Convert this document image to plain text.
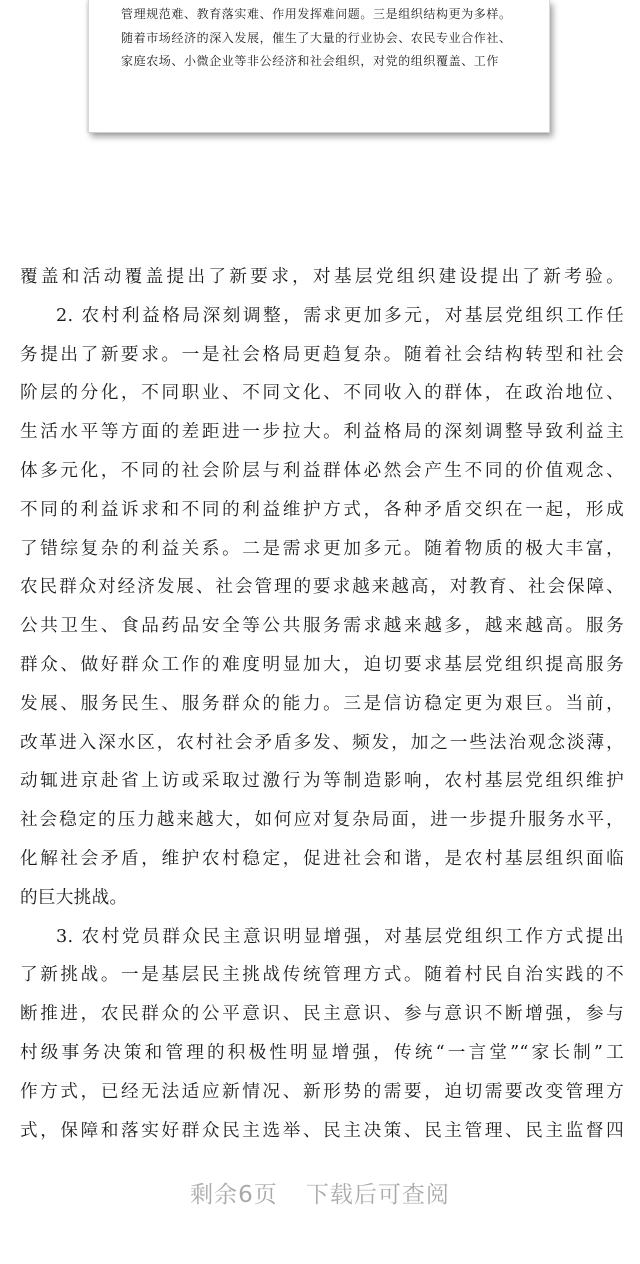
管理规范难、教育落实难、作用发挥难问题。三是组织结构更为多样。
随着市场经济的深入发展，催生了大量的行业协会、农民专业合作社、
家庭农场、小微企业等非公经济和社会组织，对党的组织覆盖、工作
覆盖和活动覆盖提出了新要求，对基层党组织建设提出了新考验。
2. 农村利益格局深刻调整，需求更加多元，对基层党组织工作任
务提出了新要求。一是社会格局更趋复杂。随着社会结构转型和社会
阶层的分化，不同职业、不同文化、不同收入的群体，在政治地位、
生活水平等方面的差距进一步拉大。利益格局的深刻调整导致利益主
体多元化，不同的社会阶层与利益群体必然会产生不同的价值观念、
不同的利益诉求和不同的利益维护方式，各种矛盾交织在一起，形成
了错综复杂的利益关系。二是需求更加多元。随着物质的极大丰富，
农民群众对经济发展、社会管理的要求越来越高，对教育、社会保障、
公共卫生、食品药品安全等公共服务需求越来越多，越来越高。服务
群众、做好群众工作的难度明显加大，迫切要求基层党组织提高服务
发展、服务民生、服务群众的能力。三是信访稳定更为艰巨。当前，
改革进入深水区，农村社会矛盾多发、频发，加之一些法治观念淡薄，
动辄进京赴省上访或采取过激行为等制造影响，农村基层党组织维护
社会稳定的压力越来越大，如何应对复杂局面，进一步提升服务水平，
化解社会矛盾，维护农村稳定，促进社会和谐，是农村基层组织面临
的巨大挑战。
3. 农村党员群众民主意识明显增强，对基层党组织工作方式提出
了新挑战。一是基层民主挑战传统管理方式。随着村民自治实践的不
断推进，农民群众的公平意识、民主意识、参与意识不断增强，参与
村级事务决策和管理的积极性明显增强，传统“一言堂”“家长制”工
作方式，已经无法适应新情况、新形势的需要，迫切需要改变管理方
式，保障和落实好群众民主选举、民主决策、民主管理、民主监督四
剩余6页 下载后可查阅
